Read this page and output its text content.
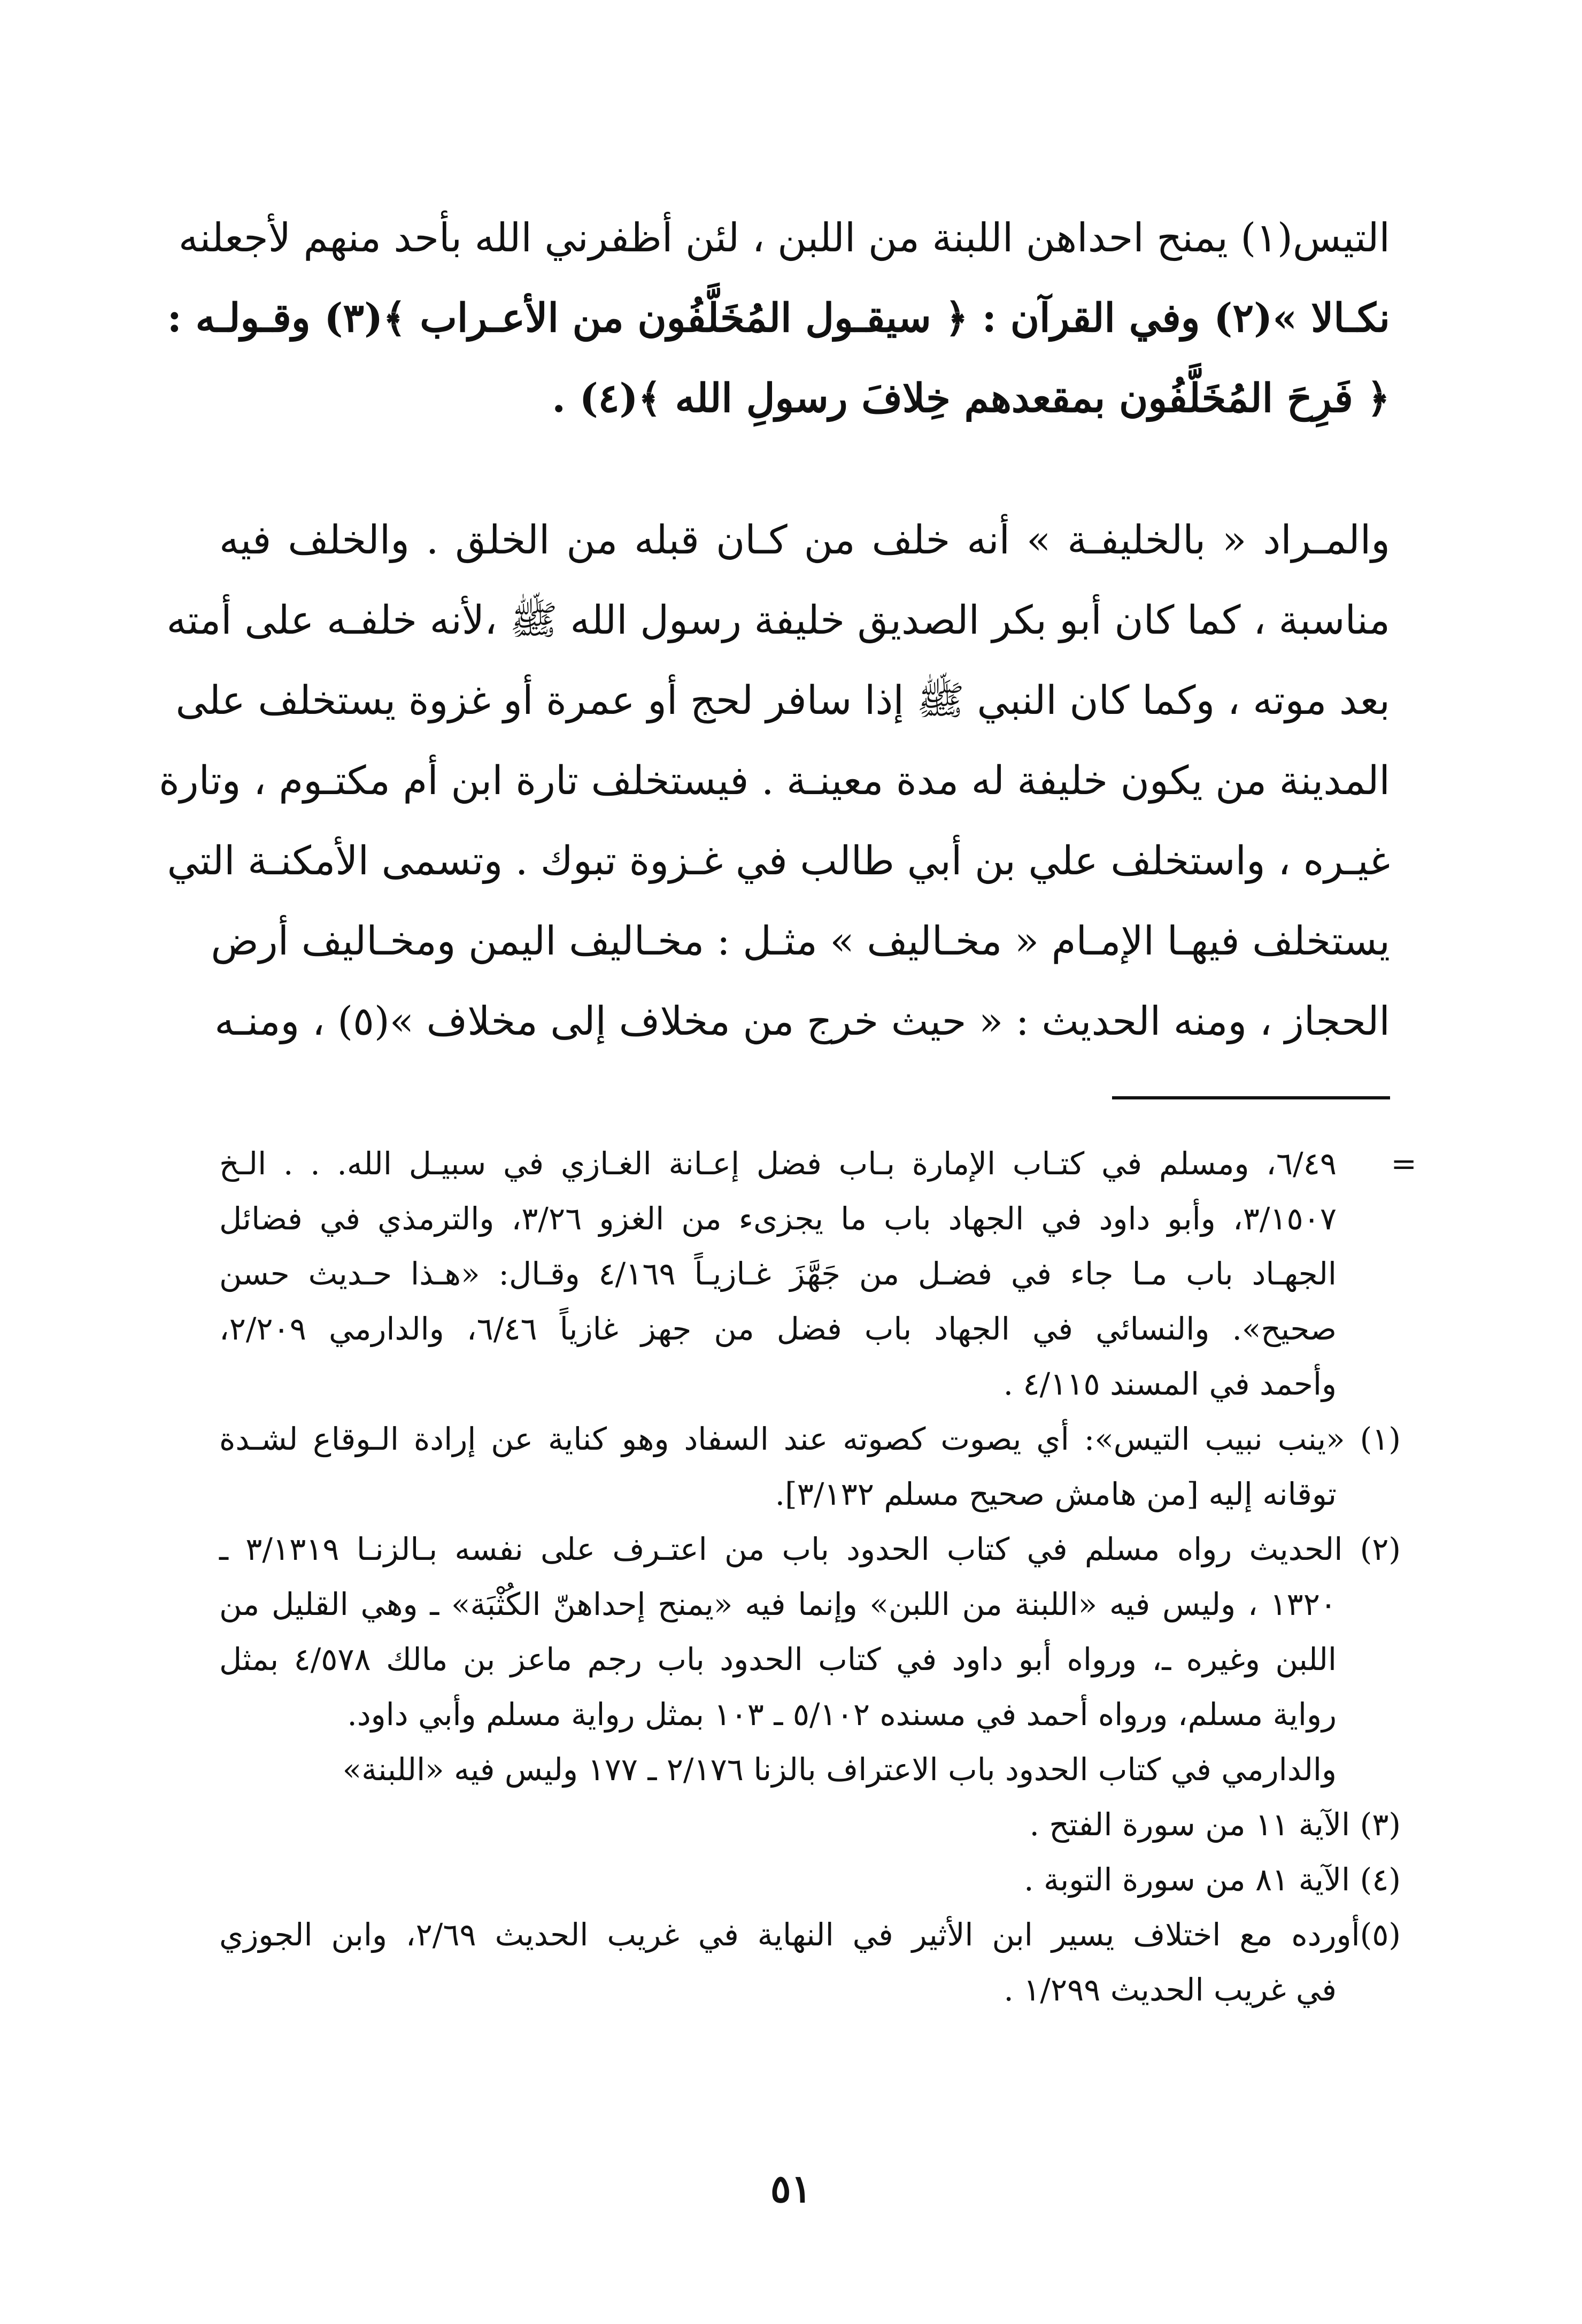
التيس(١) يمنح احداهن اللبنة من اللبن ، لئن أظفرني الله بأحد منهم لأجعلنه
نكـالا »(٢) وفي القرآن : ﴿ سيقـول المُخَلَّفُون من الأعـراب ﴾(٣) وقـولـه :
﴿ فَرِحَ المُخَلَّفُون بمقعدهم خِلافَ رسولِ الله ﴾(٤) .
والمـراد « بالخليفـة » أنه خلف من كـان قبله من الخلق . والخلف فيه
مناسبة ، كما كان أبو بكر الصديق خليفة رسول الله ﷺ ،لأنه خلفـه على أمته
بعد موته ، وكما كان النبي ﷺ إذا سافر لحج أو عمرة أو غزوة يستخلف على
المدينة من يكون خليفة له مدة معينـة . فيستخلف تارة ابن أم مكتـوم ، وتارة
غيـره ، واستخلف علي بن أبي طالب في غـزوة تبوك . وتسمى الأمكنـة التي
يستخلف فيهـا الإمـام « مخـاليف » مثـل : مخـاليف اليمن ومخـاليف أرض
الحجاز ، ومنه الحديث : « حيث خرج من مخلاف إلى مخلاف »(٥) ، ومنـه
=
٦/٤٩، ومسلم في كتـاب الإمارة بـاب فضل إعـانة الغـازي في سبيـل الله. . . الـخ
٣/١٥٠٧، وأبو داود في الجهاد باب ما يجزىء من الغزو ٣/٢٦، والترمذي في فضائل
الجهـاد باب مـا جاء في فضـل من جَهَّزَ غـازيـاً ٤/١٦٩ وقـال: «هـذا حـديث حسن
صحيح». والنسائي في الجهاد باب فضل من جهز غازياً ٦/٤٦، والدارمي ٢/٢٠٩،
وأحمد في المسند ٤/١١٥ .
(١) «ينب نبيب التيس»: أي يصوت كصوته عند السفاد وهو كناية عن إرادة الـوقاع لشـدة
توقانه إليه [من هامش صحيح مسلم ٣/١٣٢].
(٢) الحديث رواه مسلم في كتاب الحدود باب من اعتـرف على نفسه بـالزنـا ٣/١٣١٩ ـ
١٣٢٠ ، وليس فيه «اللبنة من اللبن» وإنما فيه «يمنح إحداهنّ الكُثْبَة» ـ وهي القليل من
اللبن وغيره ـ، ورواه أبو داود في كتاب الحدود باب رجم ماعز بن مالك ٤/٥٧٨ بمثل
رواية مسلم، ورواه أحمد في مسنده ٥/١٠٢ ـ ١٠٣ بمثل رواية مسلم وأبي داود.
والدارمي في كتاب الحدود باب الاعتراف بالزنا ٢/١٧٦ ـ ١٧٧ وليس فيه «اللبنة»
(٣) الآية ١١ من سورة الفتح .
(٤) الآية ٨١ من سورة التوبة .
(٥)أورده مع اختلاف يسير ابن الأثير في النهاية في غريب الحديث ٢/٦٩، وابن الجوزي
في غريب الحديث ١/٢٩٩ .
٥١
